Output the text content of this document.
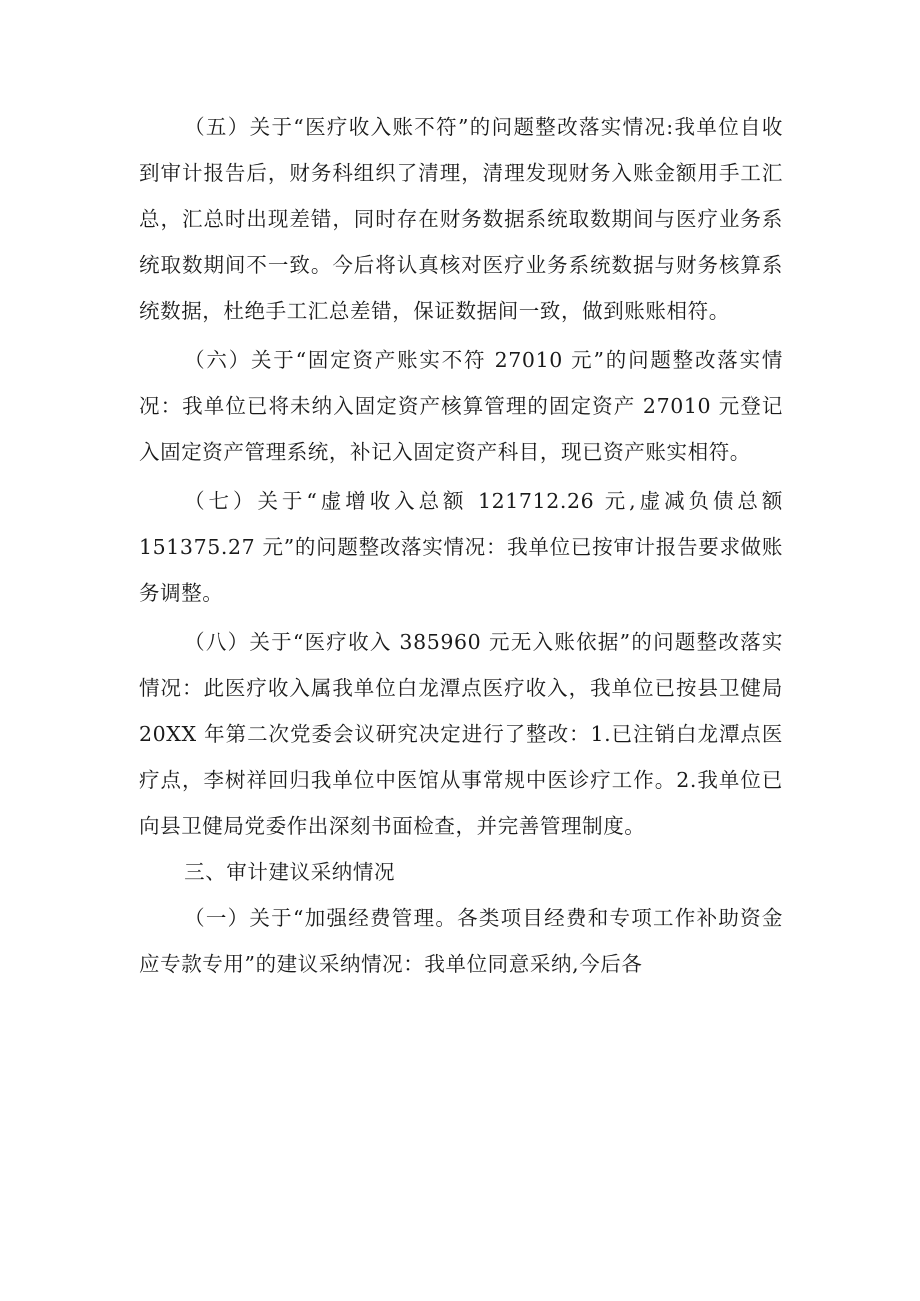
（五）关于“医疗收入账不符”的问题整改落实情况:我单位自收到审计报告后，财务科组织了清理，清理发现财务入账金额用手工汇总，汇总时出现差错，同时存在财务数据系统取数期间与医疗业务系统取数期间不一致。今后将认真核对医疗业务系统数据与财务核算系统数据，杜绝手工汇总差错，保证数据间一致，做到账账相符。

（六）关于“固定资产账实不符 27010 元”的问题整改落实情况：我单位已将未纳入固定资产核算管理的固定资产 27010 元登记入固定资产管理系统，补记入固定资产科目，现已资产账实相符。

（七）关于“虚增收入总额 121712.26 元,虚减负债总额 151375.27 元”的问题整改落实情况：我单位已按审计报告要求做账务调整。

（八）关于“医疗收入 385960 元无入账依据”的问题整改落实情况：此医疗收入属我单位白龙潭点医疗收入，我单位已按县卫健局 20XX 年第二次党委会议研究决定进行了整改：1.已注销白龙潭点医疗点，李树祥回归我单位中医馆从事常规中医诊疗工作。2.我单位已向县卫健局党委作出深刻书面检查，并完善管理制度。

三、审计建议采纳情况

（一）关于“加强经费管理。各类项目经费和专项工作补助资金应专款专用”的建议采纳情况：我单位同意采纳,今后各
